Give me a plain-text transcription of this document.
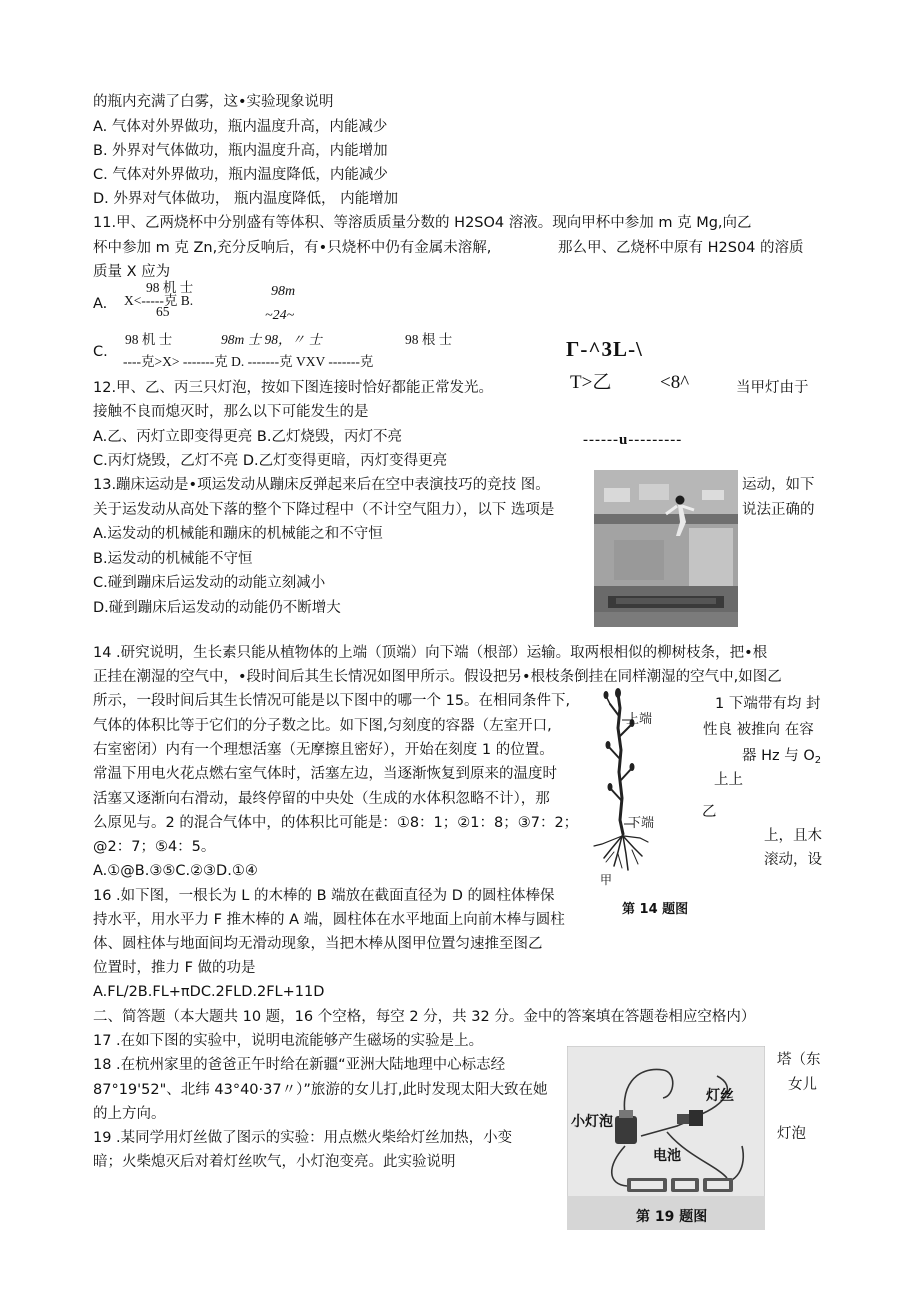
的瓶内充满了白雾，这•实验现象说明
A. 气体对外界做功，瓶内温度升高，内能减少
B. 外界对气体做功，瓶内温度升高，内能增加
C. 气体对外界做功，瓶内温度降低，内能减少
D. 外界对气体做功， 瓶内温度降低， 内能增加
11.甲、乙两烧杯中分别盛有等体积、等溶质质量分数的 H2SO4 溶液。现向甲杯中参加 m 克 Mg,向乙
杯中参加 m 克 Zn,充分反响后，有•只烧杯中仍有金属未溶解,	那么甲、乙烧杯中原有 H2S04 的溶质
质量 X 应为
A.
98 机 士
X<-----克 B.
65
98m
~24~
C.
98 机 士	98m 士 98，〃 士	98 根 士
----克>X> -------克 D. -------克 VXV -------克
Г-^3L-\
T>乙	<8^
------u---------
12.甲、乙、丙三只灯泡，按如下图连接时恰好都能正常发光。	当甲灯由于
接触不良而熄灭时，那么以下可能发生的是
A.乙、丙灯立即变得更亮 B.乙灯烧毁，丙灯不亮
C.丙灯烧毁，乙灯不亮 D.乙灯变得更暗，丙灯变得更亮
13.蹦床运动是•项运发动从蹦床反弹起来后在空中表演技巧的竞技 图。	运动，如下
关于运发动从高处下落的整个下降过程中（不计空气阻力），以下 选项是	说法正确的
A.运发动的机械能和蹦床的机械能之和不守恒
B.运发动的机械能不守恒
C.碰到蹦床后运发动的动能立刻减小
D.碰到蹦床后运发动的动能仍不断增大
14 .研究说明，生长素只能从植物体的上端（顶端）向下端（根部）运输。取两根相似的柳树枝条，把•根
正挂在潮湿的空气中，•段时间后其生长情况如图甲所示。假设把另•根枝条倒挂在同样潮湿的空气中,如图乙
所示，一段时间后其生长情况可能是以下图中的哪一个 15。在相同条件下,
气体的体积比等于它们的分子数之比。如下图,匀刻度的容器（左室开口,
右室密闭）内有一个理想活塞（无摩擦且密好），开始在刻度 1 的位置。
常温下用电火花点燃右室气体时，活塞左边，当逐渐恢复到原来的温度时
活塞又逐渐向右滑动，最终停留的中央处（生成的水体积忽略不计），那
么原见与。2 的混合气体中，的体积比可能是：①8：1；②1：8；③7：2；
@2：7；⑤4：5。
A.①@B.③⑤C.②③D.①④
1 下端带有均 封
性良 被推向 在容
器 Hz 与 $O_2$
上上
乙
上，且木
滚动，设
上端
下端
甲
第 14 题图
16 .如下图，一根长为 L 的木棒的 B 端放在截面直径为 D 的圆柱体棒保
持水平，用水平力 F 推木棒的 A 端，圆柱体在水平地面上向前木棒与圆柱
体、圆柱体与地面间均无滑动现象，当把木棒从图甲位置匀速推至图乙
位置时，推力 F 做的功是
A.FL∕2B.FL+πDC.2FLD.2FL+11D
二、简答题（本大题共 10 题，16 个空格，每空 2 分，共 32 分。金中的答案填在答题卷相应空格内）
17 .在如下图的实验中，说明电流能够产生磁场的实验是上。
18 .在杭州家里的爸爸正午时给在新疆“亚洲大陆地理中心标志经
87°19'52"、北纬 43°40·37〃）”旅游的女儿打,此时发现太阳大致在她
的上方向。
塔（东
女儿
灯泡
19 .某同学用灯丝做了图示的实验：用点燃火柴给灯丝加热，小变
暗；火柴熄灭后对着灯丝吹气，小灯泡变亮。此实验说明
灯丝
小灯泡
电池
第 19 题图
